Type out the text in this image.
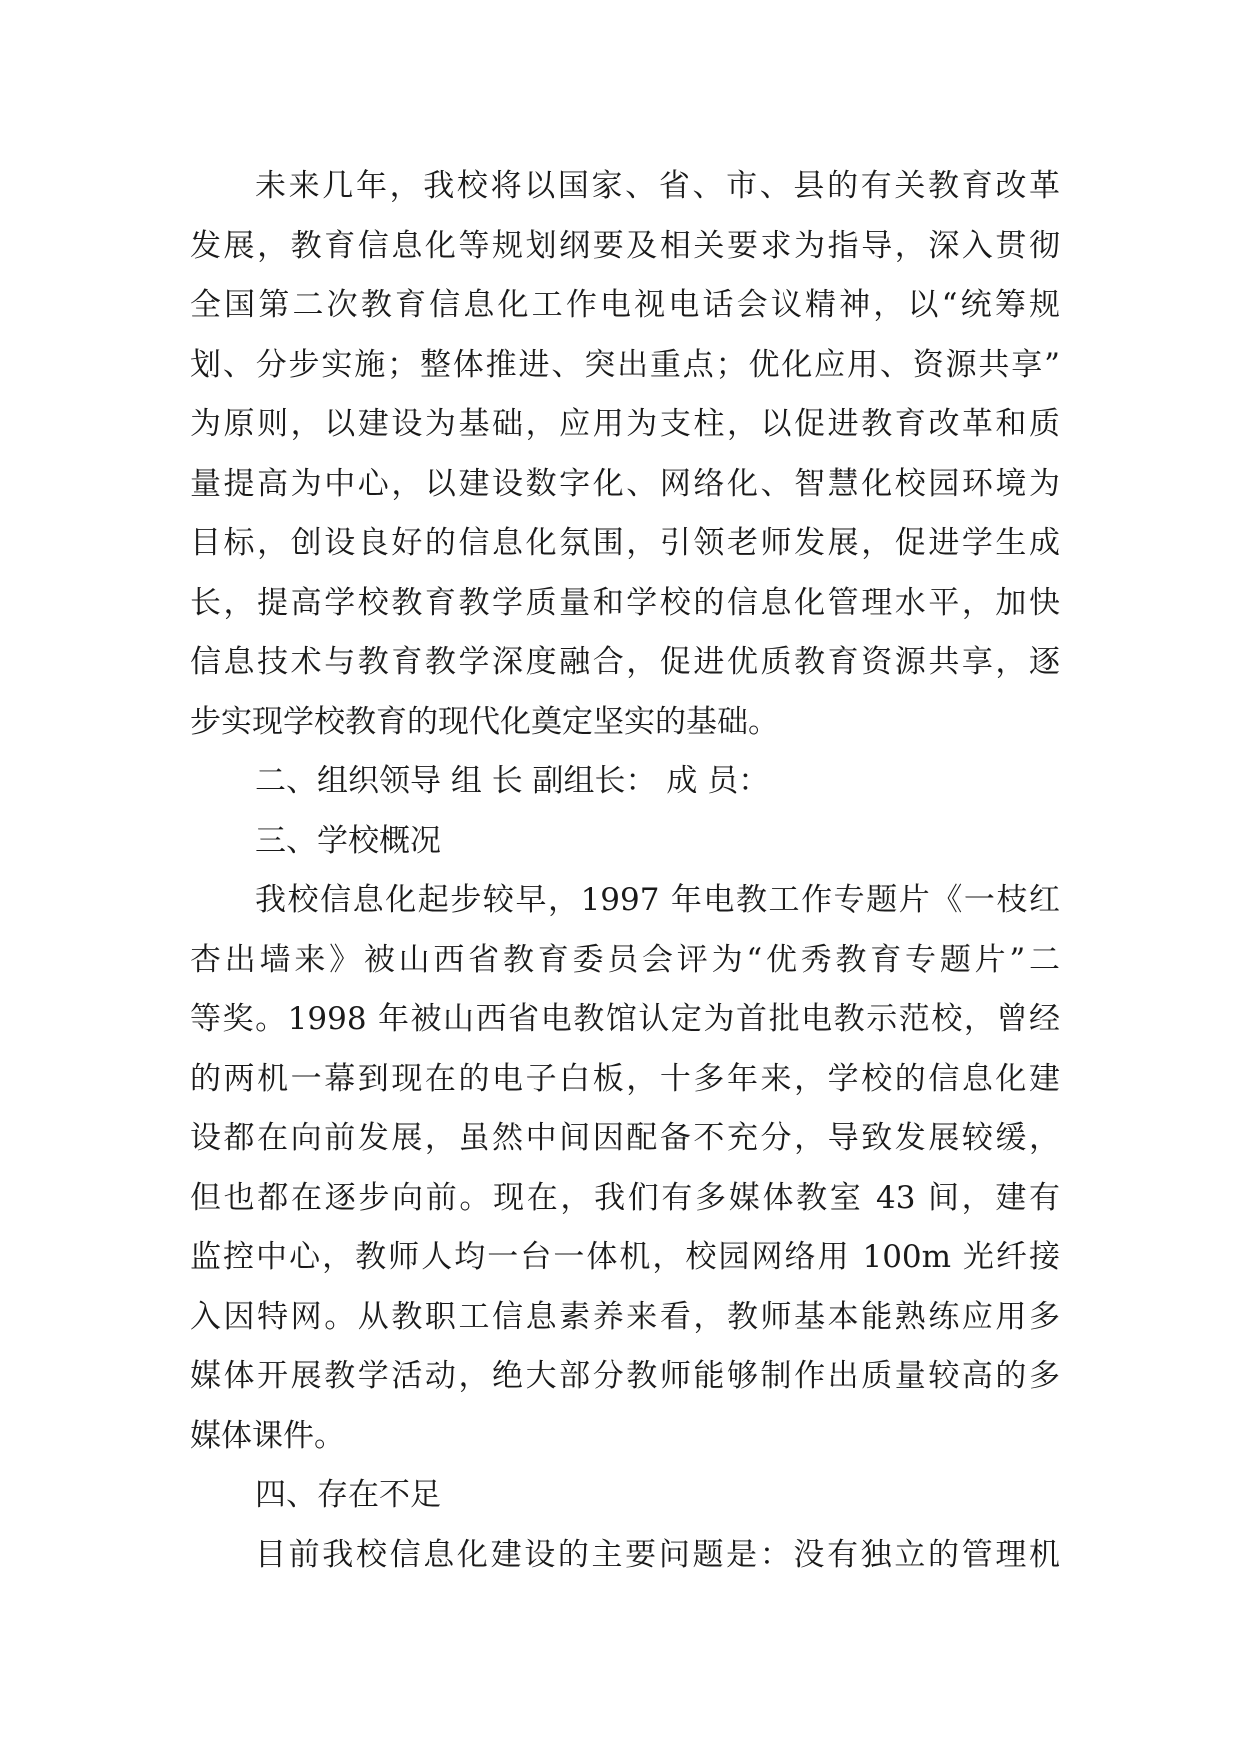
未来几年，我校将以国家、省、市、县的有关教育改革
发展，教育信息化等规划纲要及相关要求为指导，深入贯彻
全国第二次教育信息化工作电视电话会议精神，以“统筹规
划、分步实施；整体推进、突出重点；优化应用、资源共享”
为原则，以建设为基础，应用为支柱，以促进教育改革和质
量提高为中心，以建设数字化、网络化、智慧化校园环境为
目标，创设良好的信息化氛围，引领老师发展，促进学生成
长，提高学校教育教学质量和学校的信息化管理水平，加快
信息技术与教育教学深度融合，促进优质教育资源共享，逐
步实现学校教育的现代化奠定坚实的基础。
二、组织领导 组 长 副组长： 成 员：
三、学校概况
我校信息化起步较早，1997 年电教工作专题片《一枝红
杏出墙来》被山西省教育委员会评为“优秀教育专题片”二
等奖。1998 年被山西省电教馆认定为首批电教示范校，曾经
的两机一幕到现在的电子白板，十多年来，学校的信息化建
设都在向前发展，虽然中间因配备不充分，导致发展较缓，
但也都在逐步向前。现在，我们有多媒体教室 43 间，建有
监控中心，教师人均一台一体机，校园网络用 100m 光纤接
入因特网。从教职工信息素养来看，教师基本能熟练应用多
媒体开展教学活动，绝大部分教师能够制作出质量较高的多
媒体课件。
四、存在不足
目前我校信息化建设的主要问题是：没有独立的管理机
